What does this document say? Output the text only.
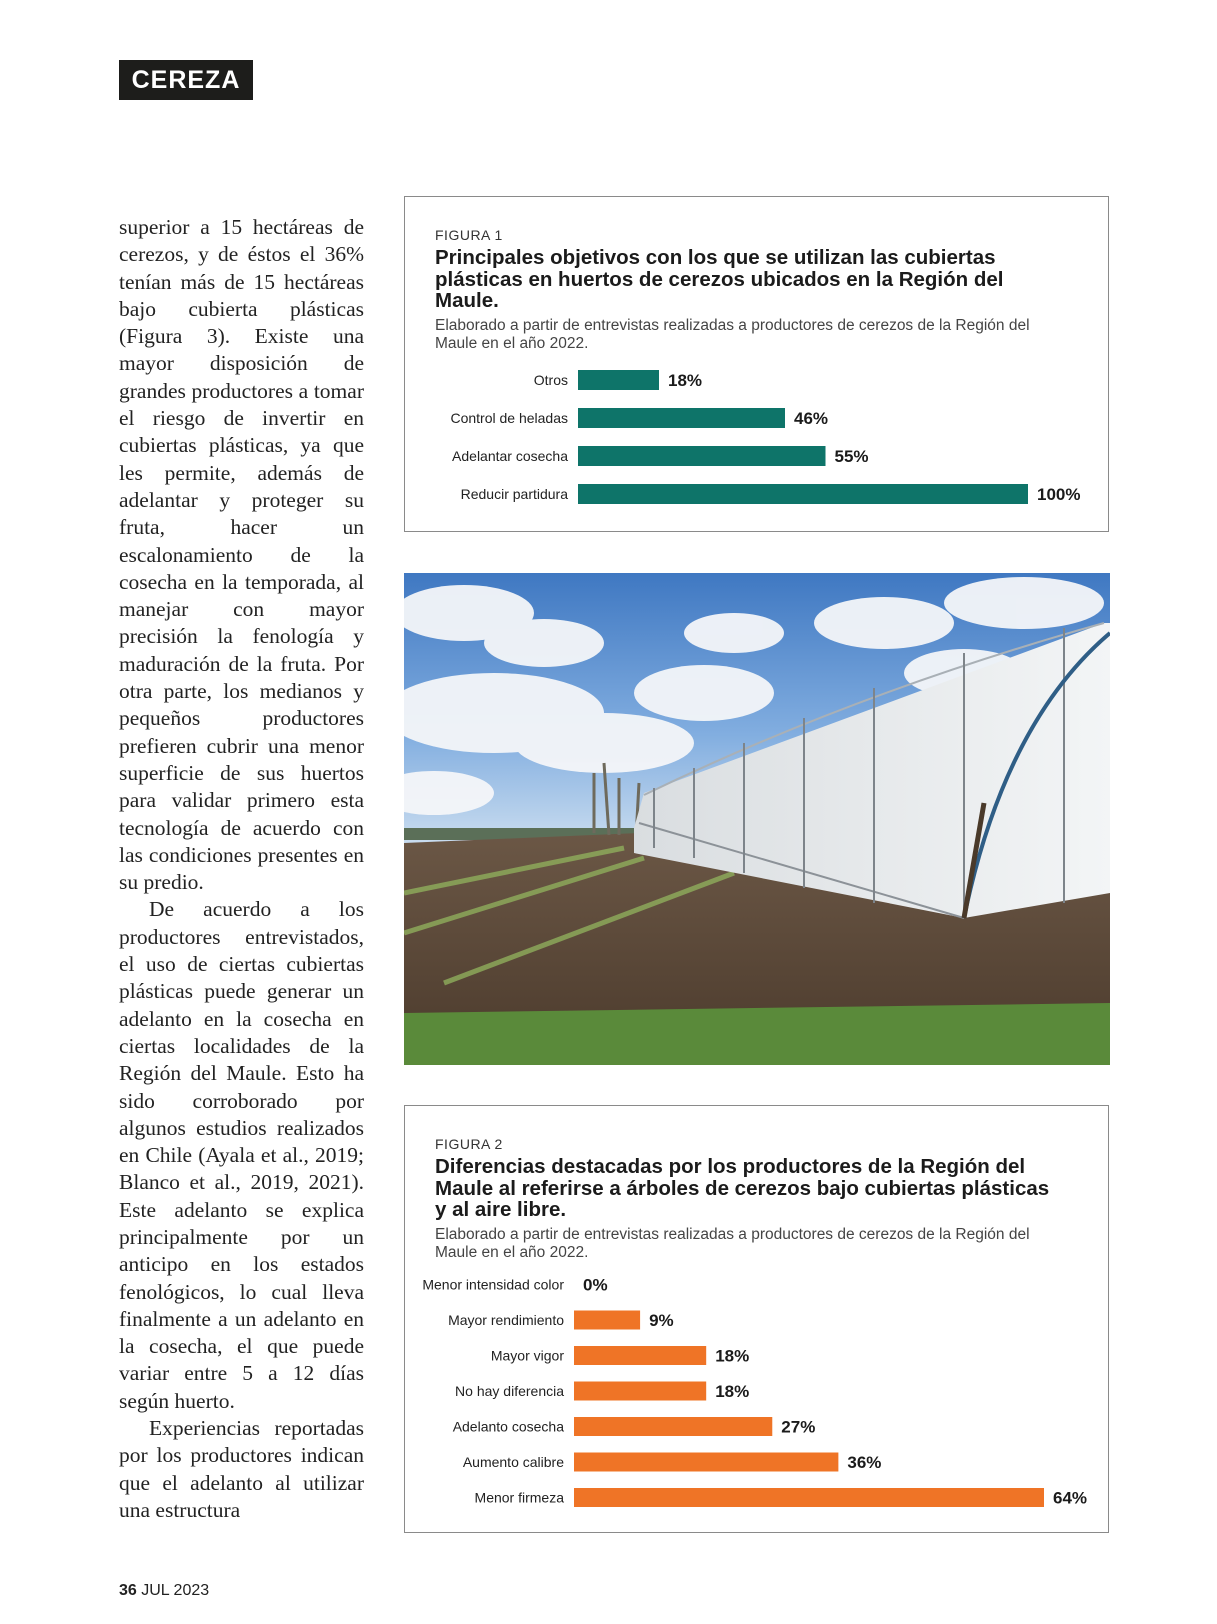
CEREZA

superior a 15 hectáreas de cerezos, y de éstos el 36% tenían más de 15 hectáreas bajo cubierta plásticas (Figura 3). Existe una mayor disposición de grandes productores a tomar el riesgo de invertir en cubiertas plásticas, ya que les permite, además de adelantar y proteger su fruta, hacer un escalonamiento de la cosecha en la temporada, al manejar con mayor precisión la fenología y maduración de la fruta. Por otra parte, los medianos y pequeños productores prefieren cubrir una menor superficie de sus huertos para validar primero esta tecnología de acuerdo con las condiciones presentes en su predio.

De acuerdo a los productores entrevistados, el uso de ciertas cubiertas plásticas puede generar un adelanto en la cosecha en ciertas localidades de la Región del Maule. Esto ha sido corroborado por algunos estudios realizados en Chile (Ayala et al., 2019; Blanco et al., 2019, 2021). Este adelanto se explica principalmente por un anticipo en los estados fenológicos, lo cual lleva finalmente a un adelanto en la cosecha, el que puede variar entre 5 a 12 días según huerto.

Experiencias reportadas por los productores indican que el adelanto al utilizar una estructura

FIGURA 1
Principales objetivos con los que se utilizan las cubiertas plásticas en huertos de cerezos ubicados en la Región del Maule.

Elaborado a partir de entrevistas realizadas a productores de cerezos de la Región del Maule en el año 2022.

Otros	18%
Control de heladas	46%
Adelantar cosecha	55%
Reducir partidura	100%
FIGURA 2
Diferencias destacadas por los productores de la Región del Maule al referirse a árboles de cerezos bajo cubiertas plásticas y al aire libre.

Elaborado a partir de entrevistas realizadas a productores de cerezos de la Región del Maule en el año 2022.

Menor intensidad color 0%
Mayor rendimiento	9%
Mayor vigor	18%
No hay diferencia	18%
Adelanto cosecha	27%
Aumento calibre	36%
Menor firmeza	64%
36 JUL 2023
